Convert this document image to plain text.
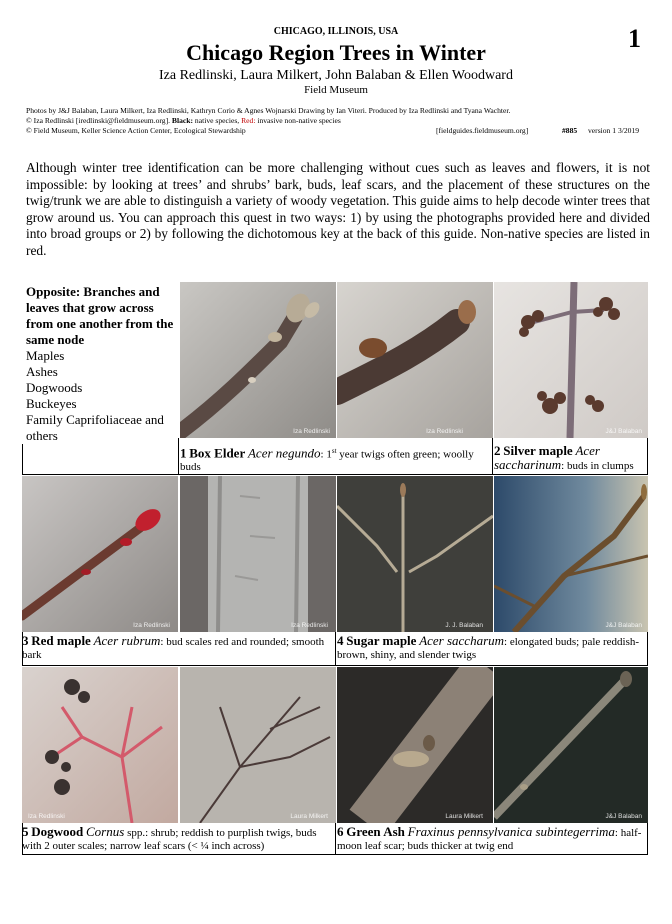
CHICAGO, ILLINOIS, USA
Chicago Region Trees in Winter
Iza Redlinski, Laura Milkert, John Balaban & Ellen Woodward
Field Museum
1
Photos by J&J Balaban, Laura Milkert, Iza Redlinski, Kathryn Corio & Agnes Wojnarski Drawing by Ian Viteri. Produced by Iza Redlinski and Tyana Wachter.
© Iza Redlinski [iredlinski@fieldmuseum.org]. Black: native species, Red: invasive non-native species
© Field Museum, Keller Science Action Center, Ecological Stewardship	[fieldguides.fieldmuseum.org]	#885 version 1 3/2019
Although winter tree identification can be more challenging without cues such as leaves and flowers, it is not impossible: by looking at trees’ and shrubs’ bark, buds, leaf scars, and the placement of these structures on the twig/trunk we are able to distinguish a variety of woody vegetation. This guide aims to help decode winter trees that grow around us. You can approach this quest in two ways: 1) by using the photographs provided here and divided into broad groups or 2) by following the dichotomous key at the back of this guide. Non-native species are listed in red.
Opposite: Branches and leaves that grow across from one another from the same node
Maples
Ashes
Dogwoods
Buckeyes
Family Caprifoliaceae and others	Iza Redlinski	Iza Redlinski	J&J Balaban
1 Box Elder Acer negundo: 1st year twigs often green; woolly buds
2 Silver maple Acer saccharinum: buds in clumps
Iza Redlinski	Iza Redlinski	J. J. Balaban	J&J Balaban
3 Red maple Acer rubrum: bud scales red and rounded; smooth bark
4 Sugar maple Acer saccharum: elongated buds; pale reddish-brown, shiny, and slender twigs
Iza Redlinski	Laura Milkert	Laura Milkert	J&J Balaban
5 Dogwood Cornus spp.: shrub; reddish to purplish twigs, buds with 2 outer scales; narrow leaf scars (< ¼ inch across)
6 Green Ash Fraxinus pennsylvanica subintegerrima: half-moon leaf scar; buds thicker at twig end
